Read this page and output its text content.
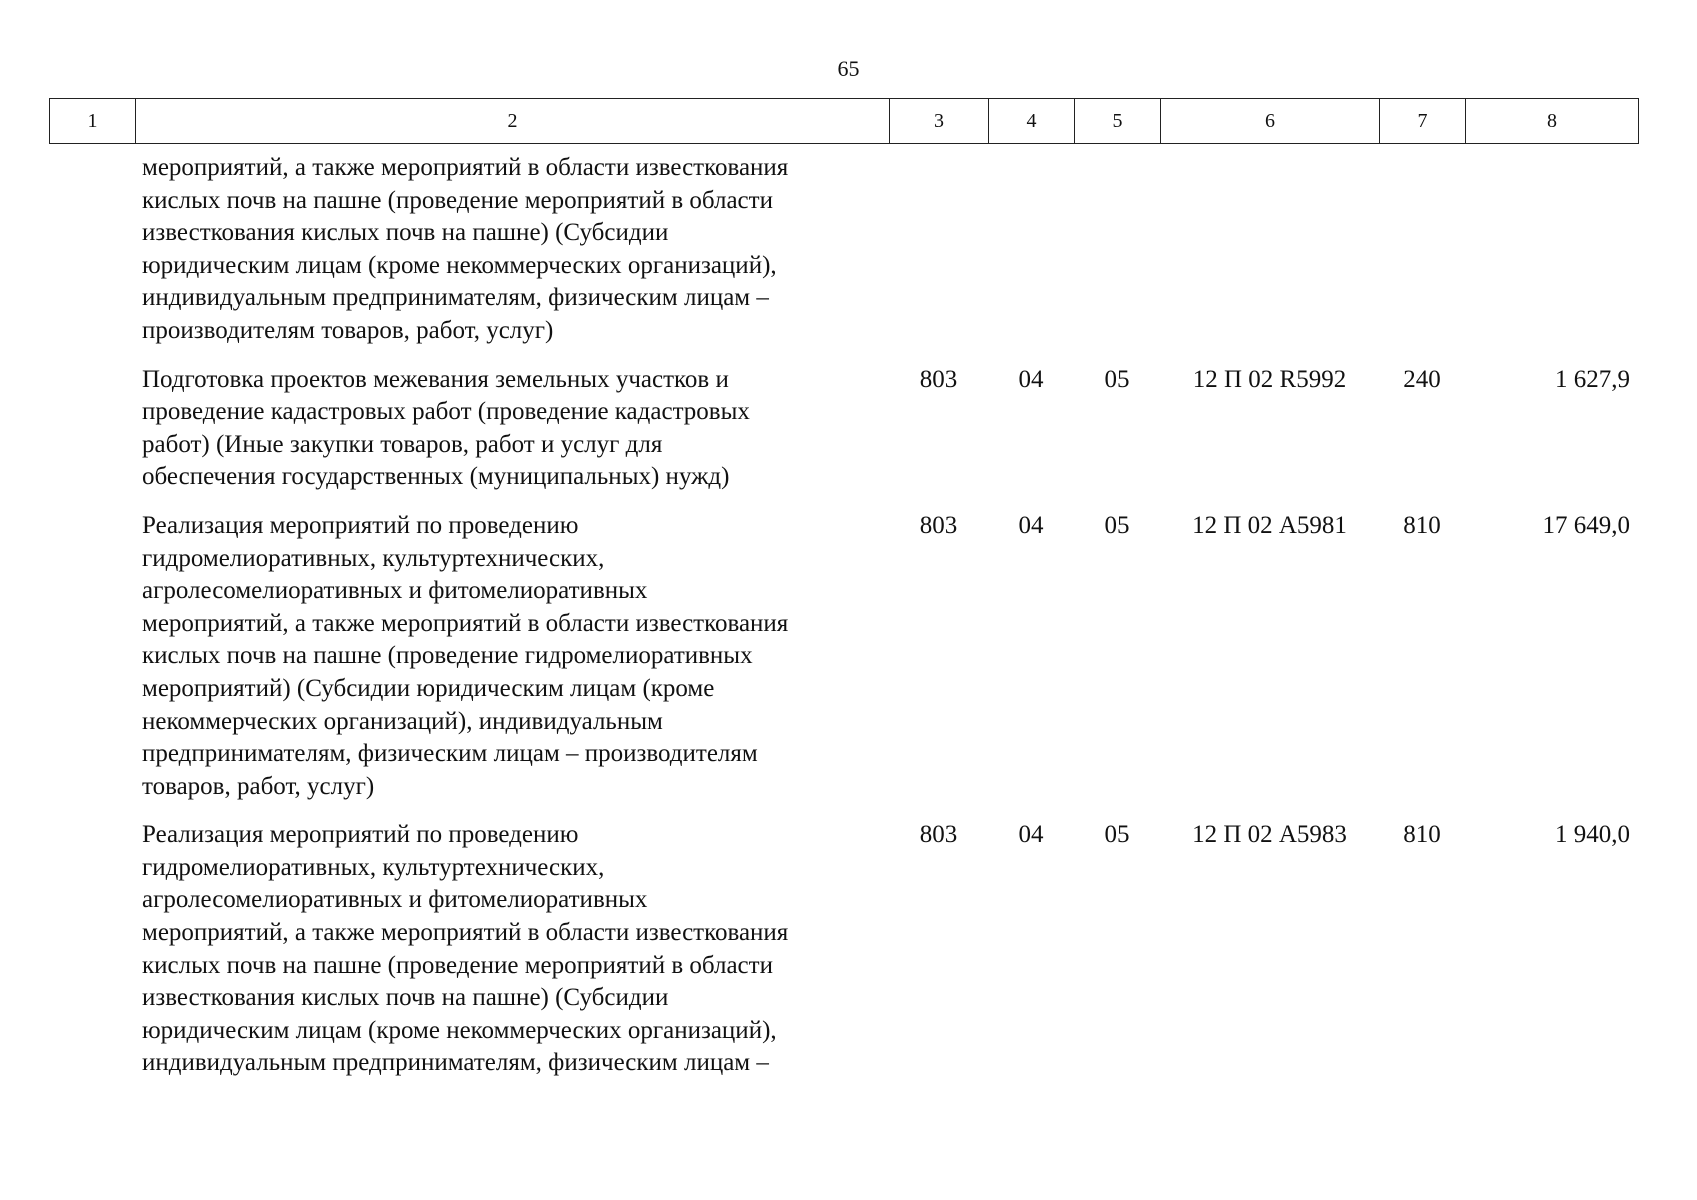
65
1	2	3	4	5	6	7	8
мероприятий, а также мероприятий в области известкования
кислых почв на пашне (проведение мероприятий в области
известкования кислых почв на пашне) (Субсидии
юридическим лицам (кроме некоммерческих организаций),
индивидуальным предпринимателям, физическим лицам –
производителям товаров, работ, услуг)
Подготовка проектов межевания земельных участков и
проведение кадастровых работ (проведение кадастровых
работ) (Иные закупки товаров, работ и услуг для
обеспечения государственных (муниципальных) нужд)
803	04	05	12 П 02 R5992	240	1 627,9
Реализация мероприятий по проведению
гидромелиоративных, культуртехнических,
агролесомелиоративных и фитомелиоративных
мероприятий, а также мероприятий в области известкования
кислых почв на пашне (проведение гидромелиоративных
мероприятий) (Субсидии юридическим лицам (кроме
некоммерческих организаций), индивидуальным
предпринимателям, физическим лицам – производителям
товаров, работ, услуг)
803	04	05	12 П 02 А5981	810	17 649,0
Реализация мероприятий по проведению
гидромелиоративных, культуртехнических,
агролесомелиоративных и фитомелиоративных
мероприятий, а также мероприятий в области известкования
кислых почв на пашне (проведение мероприятий в области
известкования кислых почв на пашне) (Субсидии
юридическим лицам (кроме некоммерческих организаций),
индивидуальным предпринимателям, физическим лицам –
803	04	05	12 П 02 А5983	810	1 940,0
